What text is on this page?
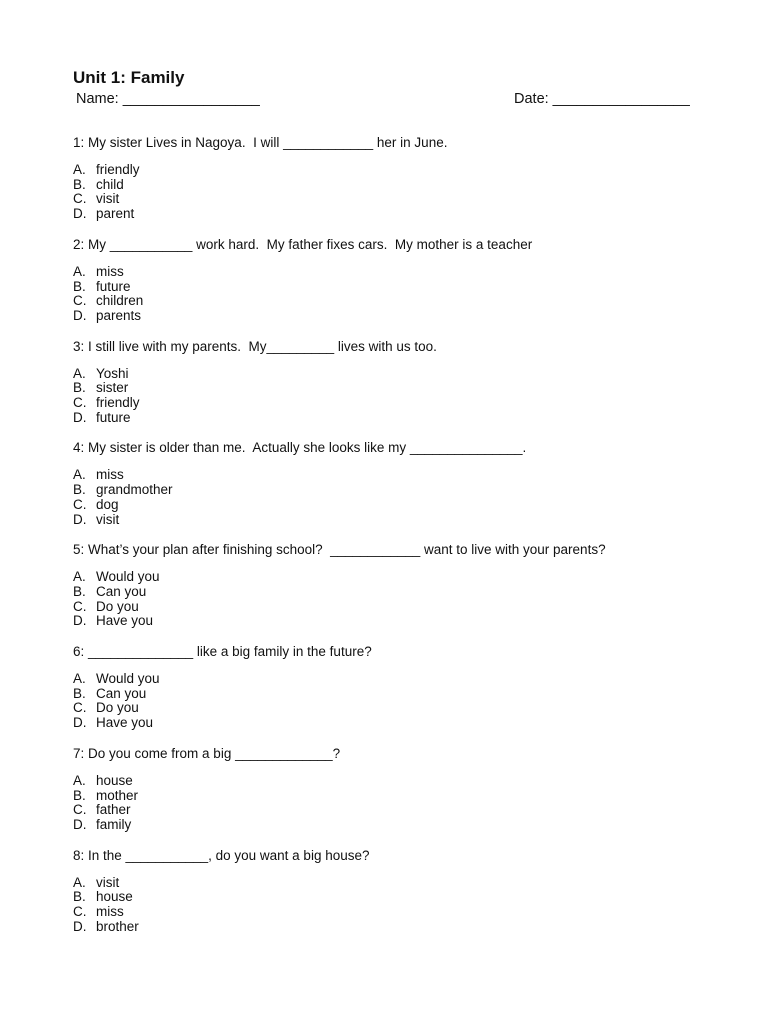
Unit 1: Family
Name: _________________	Date: _________________

1: My sister Lives in Nagoya.  I will ____________ her in June.

A. friendly
B. child
C. visit
D. parent

2: My ___________ work hard.  My father fixes cars.  My mother is a teacher

A. miss
B. future
C. children
D. parents

3: I still live with my parents.  My_________ lives with us too.

A. Yoshi
B. sister
C. friendly
D. future

4: My sister is older than me.  Actually she looks like my _______________.

A. miss
B. grandmother
C. dog
D. visit

5: What’s your plan after finishing school?  ____________ want to live with your parents?

A. Would you
B. Can you
C. Do you
D. Have you

6: ______________ like a big family in the future?

A. Would you
B. Can you
C. Do you
D. Have you

7: Do you come from a big _____________?

A. house
B. mother
C. father
D. family

8: In the ___________, do you want a big house?

A. visit
B. house
C. miss
D. brother
